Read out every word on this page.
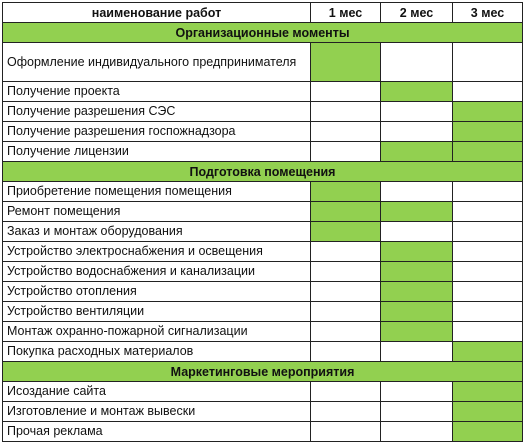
наименование работ	1 мес	2 мес	3 мес
Организационные моменты			
Оформление индивидуального предпринимателя			
Получение проекта			
Получение разрешения СЭС			
Получение разрешения госпожнадзора			
Получение лицензии			
Подготовка помещения			
Приобретение помещения помещения			
Ремонт помещения			
Заказ и монтаж оборудования			
Устройство электроснабжения и освещения			
Устройство водоснабжения и канализации			
Устройство отопления			
Устройство вентиляции			
Монтаж охранно-пожарной сигнализации			
Покупка расходных материалов			
Маркетинговые мероприятия			
Исоздание сайта			
Изготовление и монтаж вывески			
Прочая реклама			
